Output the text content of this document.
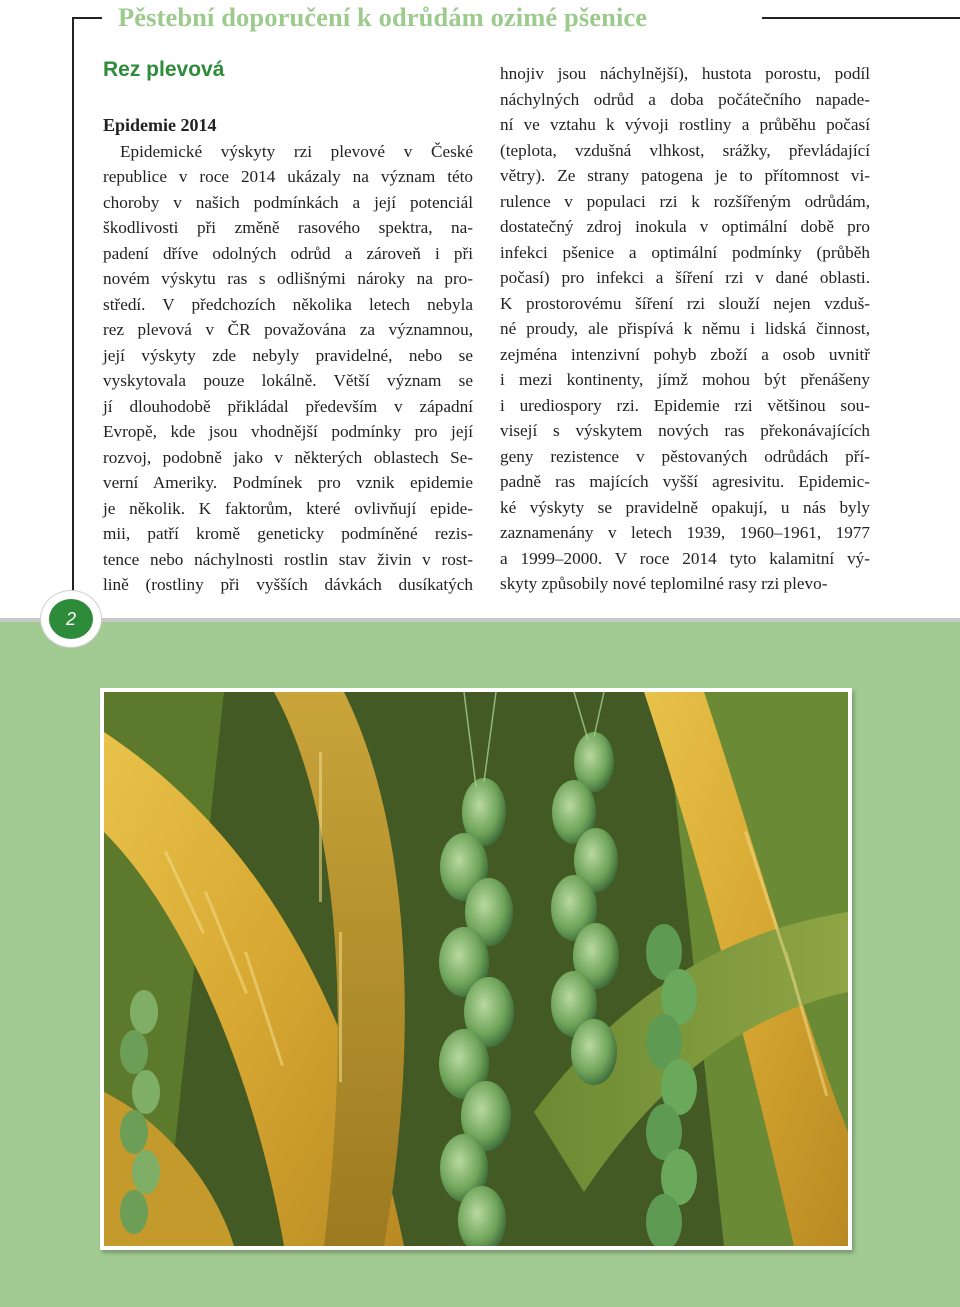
Pěstební doporučení k odrůdám ozimé pšenice
Rez plevová
Epidemie 2014
Epidemické výskyty rzi plevové v České
republice v roce 2014 ukázaly na význam této
choroby v našich podmínkách a její potenciál
škodlivosti při změně rasového spektra, na-
padení dříve odolných odrůd a zároveň i při
novém výskytu ras s odlišnými nároky na pro-
středí. V předchozích několika letech nebyla
rez plevová v ČR považována za významnou,
její výskyty zde nebyly pravidelné, nebo se
vyskytovala pouze lokálně. Větší význam se
jí dlouhodobě přikládal především v západní
Evropě, kde jsou vhodnější podmínky pro její
rozvoj, podobně jako v některých oblastech Se-
verní Ameriky. Podmínek pro vznik epidemie
je několik. K faktorům, které ovlivňují epide-
mii, patří kromě geneticky podmíněné rezis-
tence nebo náchylnosti rostlin stav živin v rost-
lině (rostliny při vyšších dávkách dusíkatých
hnojiv jsou náchylnější), hustota porostu, podíl
náchylných odrůd a doba počátečního napade-
ní ve vztahu k vývoji rostliny a průběhu počasí
(teplota, vzdušná vlhkost, srážky, převládající
větry). Ze strany patogena je to přítomnost vi-
rulence v populaci rzi k rozšířeným odrůdám,
dostatečný zdroj inokula v optimální době pro
infekci pšenice a optimální podmínky (průběh
počasí) pro infekci a šíření rzi v dané oblasti.
K prostorovému šíření rzi slouží nejen vzduš-
né proudy, ale přispívá k němu i lidská činnost,
zejména intenzivní pohyb zboží a osob uvnitř
i mezi kontinenty, jímž mohou být přenášeny
i urediospory rzi. Epidemie rzi většinou sou-
visejí s výskytem nových ras překonávajících
geny rezistence v pěstovaných odrůdách pří-
padně ras majících vyšší agresivitu. Epidemic-
ké výskyty se pravidelně opakují, u nás byly
zaznamenány v letech 1939, 1960–1961, 1977
a 1999–2000. V roce 2014 tyto kalamitní vý-
skyty způsobily nové teplomilné rasy rzi plevo-
2
